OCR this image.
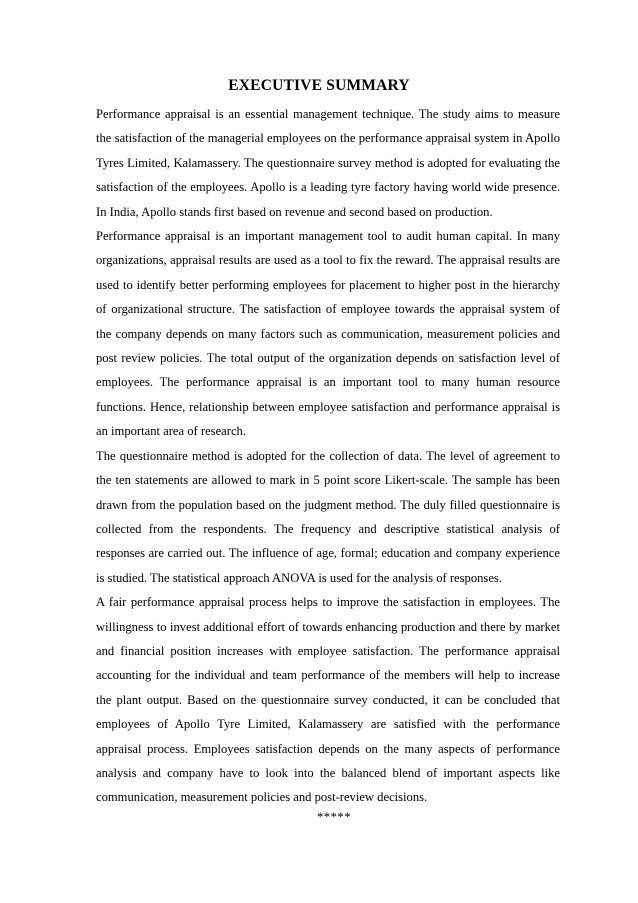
EXECUTIVE SUMMARY

Performance appraisal is an essential management technique. The study aims to measure the satisfaction of the managerial employees on the performance appraisal system in Apollo Tyres Limited, Kalamassery. The questionnaire survey method is adopted for evaluating the satisfaction of the employees. Apollo is a leading tyre factory having world wide presence. In India, Apollo stands first based on revenue and second based on production.

Performance appraisal is an important management tool to audit human capital. In many organizations, appraisal results are used as a tool to fix the reward. The appraisal results are used to identify better performing employees for placement to higher post in the hierarchy of organizational structure. The satisfaction of employee towards the appraisal system of the company depends on many factors such as communication, measurement policies and post review policies. The total output of the organization depends on satisfaction level of employees. The performance appraisal is an important tool to many human resource functions. Hence, relationship between employee satisfaction and performance appraisal is an important area of research.

The questionnaire method is adopted for the collection of data. The level of agreement to the ten statements are allowed to mark in 5 point score Likert-scale. The sample has been drawn from the population based on the judgment method. The duly filled questionnaire is collected from the respondents. The frequency and descriptive statistical analysis of responses are carried out. The influence of age, formal; education and company experience is studied. The statistical approach ANOVA is used for the analysis of responses.

A fair performance appraisal process helps to improve the satisfaction in employees. The willingness to invest additional effort of towards enhancing production and there by market and financial position increases with employee satisfaction. The performance appraisal accounting for the individual and team performance of the members will help to increase the plant output. Based on the questionnaire survey conducted, it can be concluded that employees of Apollo Tyre Limited, Kalamassery are satisfied with the performance appraisal process. Employees satisfaction depends on the many aspects of performance analysis and company have to look into the balanced blend of important aspects like communication, measurement policies and post-review decisions.

*****
